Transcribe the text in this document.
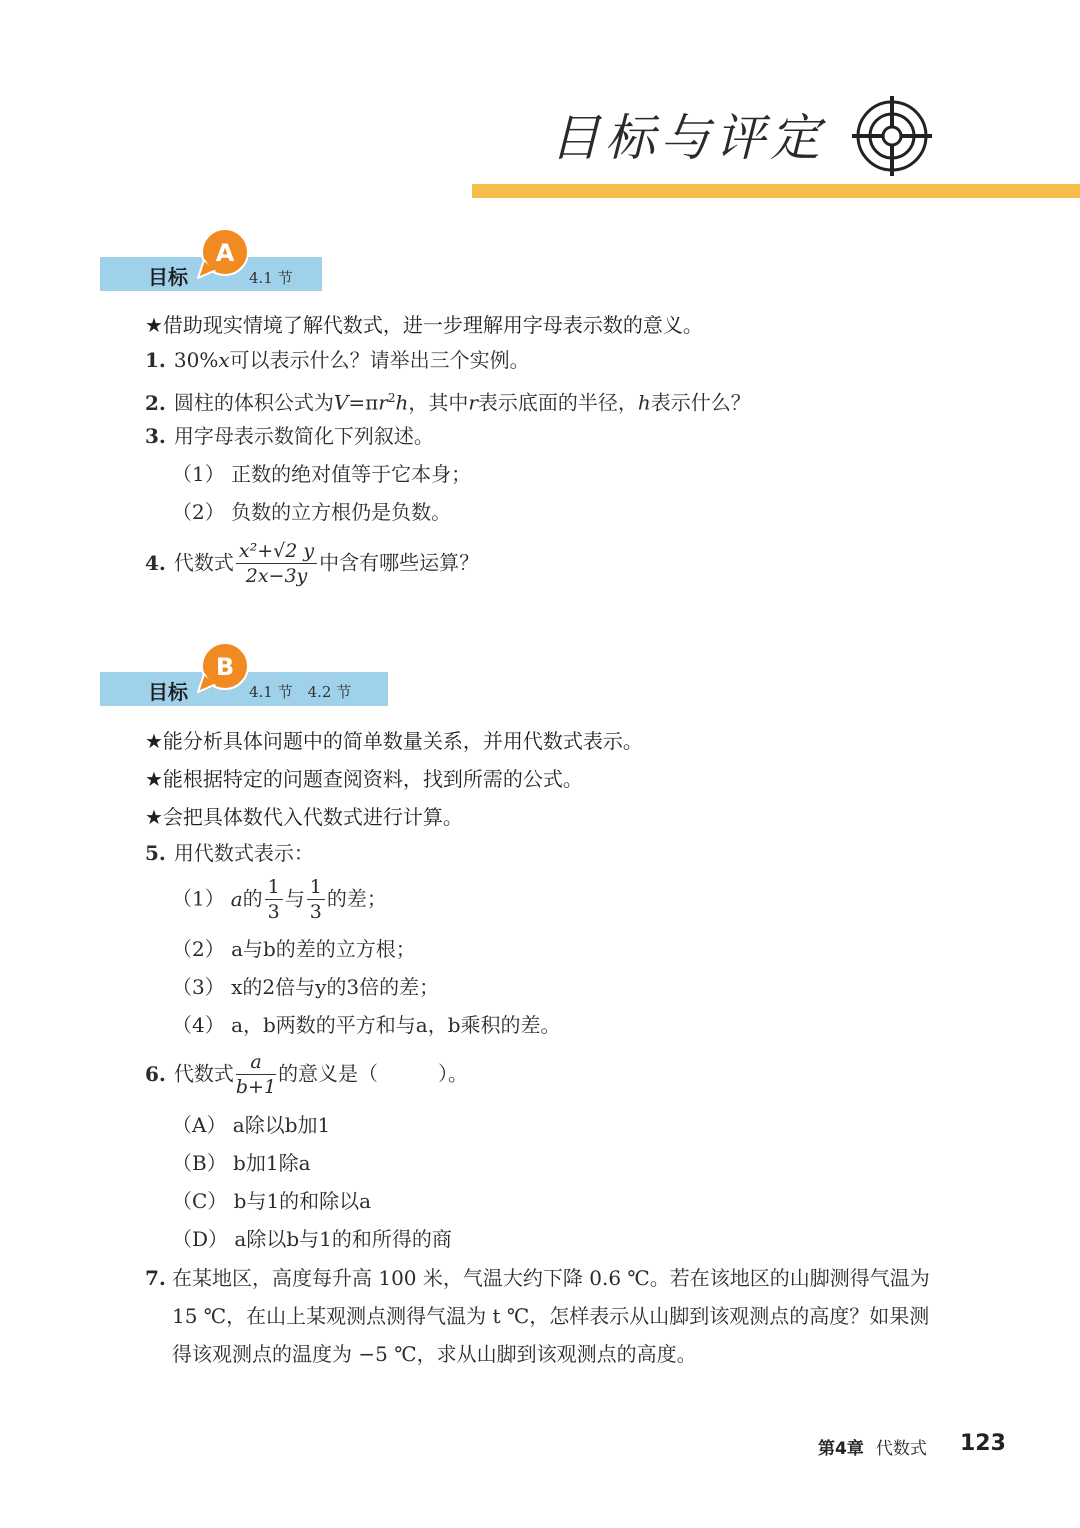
目标与评定
目标
A
4.1 节
★借助现实情境了解代数式，进一步理解用字母表示数的意义。
1. 30%x可以表示什么？请举出三个实例。
2. 圆柱的体积公式为$V=\pi r^2h$，其中r表示底面的半径，h表示什么？
3. 用字母表示数简化下列叙述。
（1） 正数的绝对值等于它本身；
（2） 负数的立方根仍是负数。
4. 代数式 $\frac{\text{x²+√2 y}}{2x-3y}$ 中含有哪些运算？
目标
B
4.1 节　4.2 节
★能分析具体问题中的简单数量关系，并用代数式表示。
★能根据特定的问题查阅资料，找到所需的公式。
★会把具体数代入代数式进行计算。
5. 用代数式表示：
（1） a的 $\frac{1}{3}$ 与 $\frac{1}{3}$ 的差；
（2） a与b的差的立方根；
（3） x的2倍与y的3倍的差；
（4） a，b两数的平方和与a，b乘积的差。
6. 代数式 $\frac{a}{b+1}$ 的意义是（　　　）。
（A） a除以b加1
（B） b加1除a
（C） b与1的和除以a
（D） a除以b与1的和所得的商
7. 在某地区，高度每升高 100 米，气温大约下降 0.6 ℃。若在该地区的山脚测得气温为 15 ℃，在山上某观测点测得气温为 t ℃，怎样表示从山脚到该观测点的高度？如果测得该观测点的温度为 −5 ℃，求从山脚到该观测点的高度。
第4章 代数式 123
